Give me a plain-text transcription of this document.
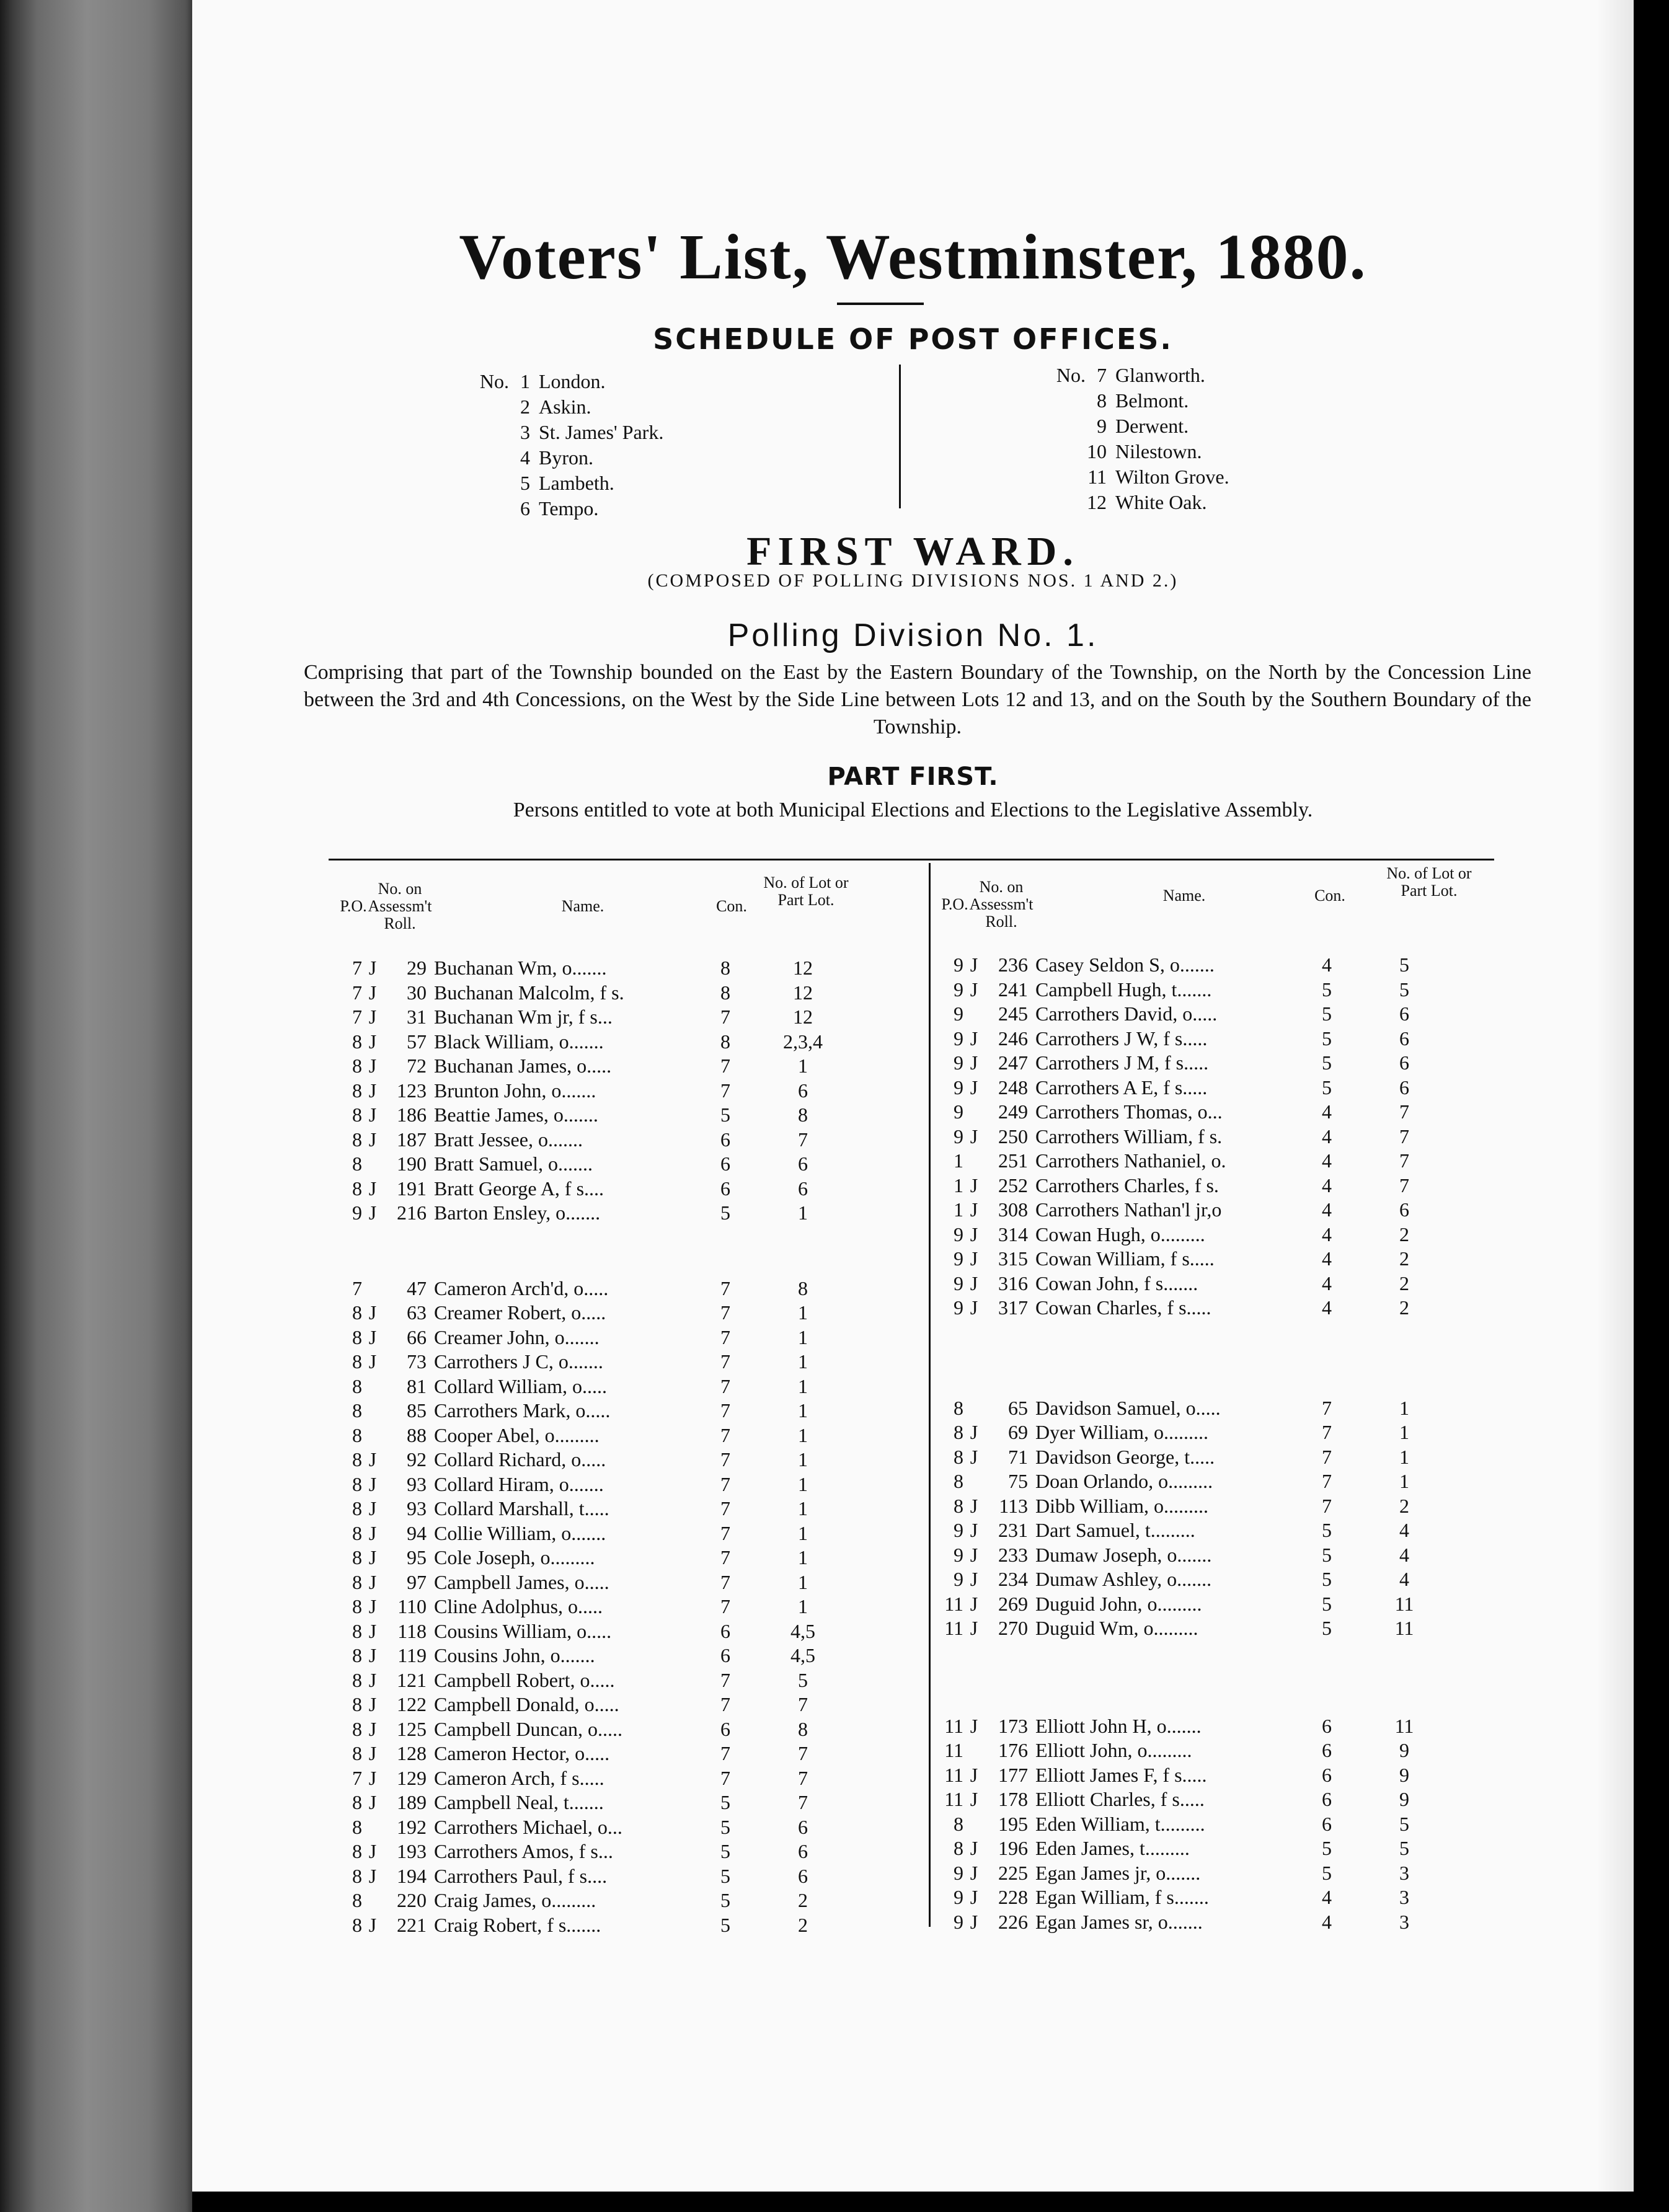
Voters' List, Westminster, 1880.
SCHEDULE OF POST OFFICES.
No. 1 London.
2 Askin.
3 St. James' Park.
4 Byron.
5 Lambeth.
6 Tempo.
No. 7 Glanworth.
8 Belmont.
9 Derwent.
10 Nilestown.
11 Wilton Grove.
12 White Oak.
FIRST WARD.
(COMPOSED OF POLLING DIVISIONS NOS. 1 AND 2.)
Polling Division No. 1.
Comprising that part of the Township bounded on the East by the Eastern Boundary of the Township, on the North by the Concession Line between the 3rd and 4th Concessions, on the West by the Side Line between Lots 12 and 13, and on the South by the Southern Boundary of the Township.
PART FIRST.
Persons entitled to vote at both Municipal Elections and Elections to the Legislative Assembly.
P.O.
No. on Assessm't Roll.
Name.	Con.
No. of Lot or Part Lot.
7 J	29 Buchanan Wm, o.......	8	12
7 J	30 Buchanan Malcolm, f s.	8	12
7 J	31 Buchanan Wm jr, f s...	7	12
8 J	57 Black William, o.......	8	2,3,4
8 J	72 Buchanan James, o.....	7	1
8 J	123 Brunton John, o.......	7	6
8 J	186 Beattie James, o.......	5	8
8 J	187 Bratt Jessee, o.......	6	7
8	190 Bratt Samuel, o.......	6	6
8 J	191 Bratt George A, f s....	6	6
9 J	216 Barton Ensley, o.......	5	1
7	47 Cameron Arch'd, o.....	7	8
8 J	63 Creamer Robert, o.....	7	1
8 J	66 Creamer John, o.......	7	1
8 J	73 Carrothers J C, o.......	7	1
8	81 Collard William, o.....	7	1
8	85 Carrothers Mark, o.....	7	1
8	88 Cooper Abel, o.........	7	1
8 J	92 Collard Richard, o.....	7	1
8 J	93 Collard Hiram, o.......	7	1
8 J	93 Collard Marshall, t.....	7	1
8 J	94 Collie William, o.......	7	1
8 J	95 Cole Joseph, o.........	7	1
8 J	97 Campbell James, o.....	7	1
8 J	110 Cline Adolphus, o.....	7	1
8 J	118 Cousins William, o.....	6	4,5
8 J	119 Cousins John, o.......	6	4,5
8 J	121 Campbell Robert, o.....	7	5
8 J	122 Campbell Donald, o.....	7	7
8 J	125 Campbell Duncan, o.....	6	8
8 J	128 Cameron Hector, o.....	7	7
7 J	129 Cameron Arch, f s.....	7	7
8 J	189 Campbell Neal, t.......	5	7
8	192 Carrothers Michael, o...	5	6
8 J	193 Carrothers Amos, f s...	5	6
8 J	194 Carrothers Paul, f s....	5	6
8	220 Craig James, o.........	5	2
8 J	221 Craig Robert, f s.......	5	2
P.O.
No. on Assessm't Roll.
Name.	Con.
No. of Lot or Part Lot.
9 J	236 Casey Seldon S, o.......	4	5
9 J	241 Campbell Hugh, t.......	5	5
9	245 Carrothers David, o.....	5	6
9 J	246 Carrothers J W, f s.....	5	6
9 J	247 Carrothers J M, f s.....	5	6
9 J	248 Carrothers A E, f s.....	5	6
9	249 Carrothers Thomas, o...	4	7
9 J	250 Carrothers William, f s.	4	7
1	251 Carrothers Nathaniel, o.	4	7
1 J	252 Carrothers Charles, f s.	4	7
1 J	308 Carrothers Nathan'l jr,o	4	6
9 J	314 Cowan Hugh, o.........	4	2
9 J	315 Cowan William, f s.....	4	2
9 J	316 Cowan John, f s.......	4	2
9 J	317 Cowan Charles, f s.....	4	2
8	65 Davidson Samuel, o.....	7	1
8 J	69 Dyer William, o.........	7	1
8 J	71 Davidson George, t.....	7	1
8	75 Doan Orlando, o.........	7	1
8 J	113 Dibb William, o.........	7	2
9 J	231 Dart Samuel, t.........	5	4
9 J	233 Dumaw Joseph, o.......	5	4
9 J	234 Dumaw Ashley, o.......	5	4
11 J	269 Duguid John, o.........	5	11
11 J	270 Duguid Wm, o.........	5	11
11 J	173 Elliott John H, o.......	6	11
11	176 Elliott John, o.........	6	9
11 J	177 Elliott James F, f s.....	6	9
11 J	178 Elliott Charles, f s.....	6	9
8	195 Eden William, t.........	6	5
8 J	196 Eden James, t.........	5	5
9 J	225 Egan James jr, o.......	5	3
9 J	228 Egan William, f s.......	4	3
9 J	226 Egan James sr, o.......	4	3
